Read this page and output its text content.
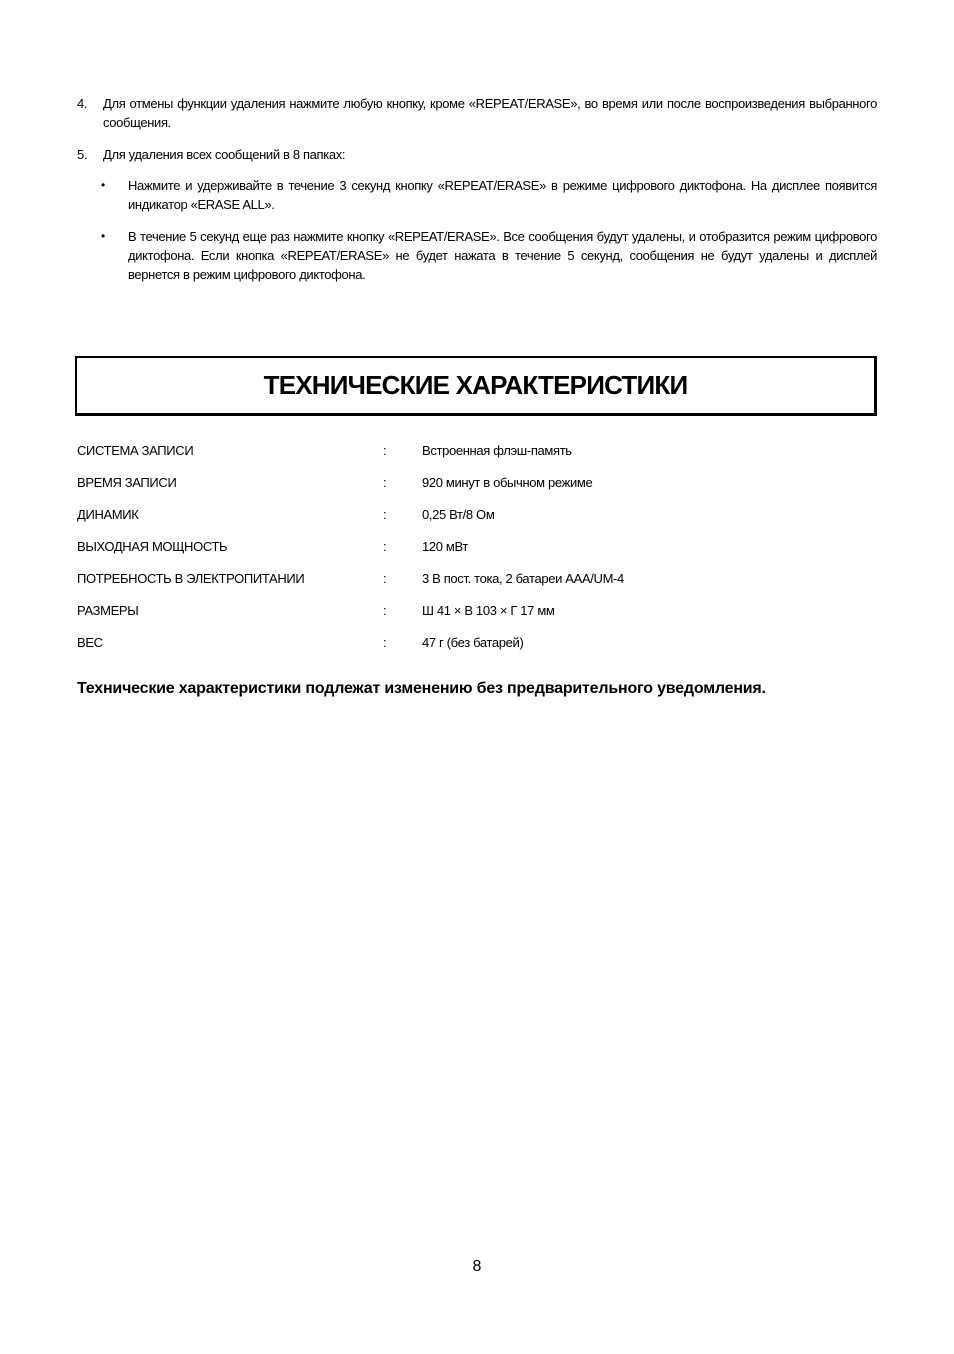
4. Для отмены функции удаления нажмите любую кнопку, кроме «REPEAT/ERASE», во время или после воспроизведения выбранного сообщения.
5. Для удаления всех сообщений в 8 папках:
• Нажмите и удерживайте в течение 3 секунд кнопку «REPEAT/ERASE» в режиме цифрового диктофона. На дисплее появится индикатор «ERASE ALL».
• В течение 5 секунд еще раз нажмите кнопку «REPEAT/ERASE». Все сообщения будут удалены, и отобразится режим цифрового диктофона. Если кнопка «REPEAT/ERASE» не будет нажата в течение 5 секунд, сообщения не будут удалены и дисплей вернется в режим цифрового диктофона.
ТЕХНИЧЕСКИЕ ХАРАКТЕРИСТИКИ
СИСТЕМА ЗАПИСИ	:	Встроенная флэш-память
ВРЕМЯ ЗАПИСИ	:	920 минут в обычном режиме
ДИНАМИК	:	0,25 Вт/8 Ом
ВЫХОДНАЯ МОЩНОСТЬ	:	120 мВт
ПОТРЕБНОСТЬ В ЭЛЕКТРОПИТАНИИ	:	3 В пост. тока, 2 батареи AAA/UM-4
РАЗМЕРЫ	:	Ш 41 × В 103 × Г 17 мм
ВЕС	:	47 г (без батарей)
Технические характеристики подлежат изменению без предварительного уведомления.
8
